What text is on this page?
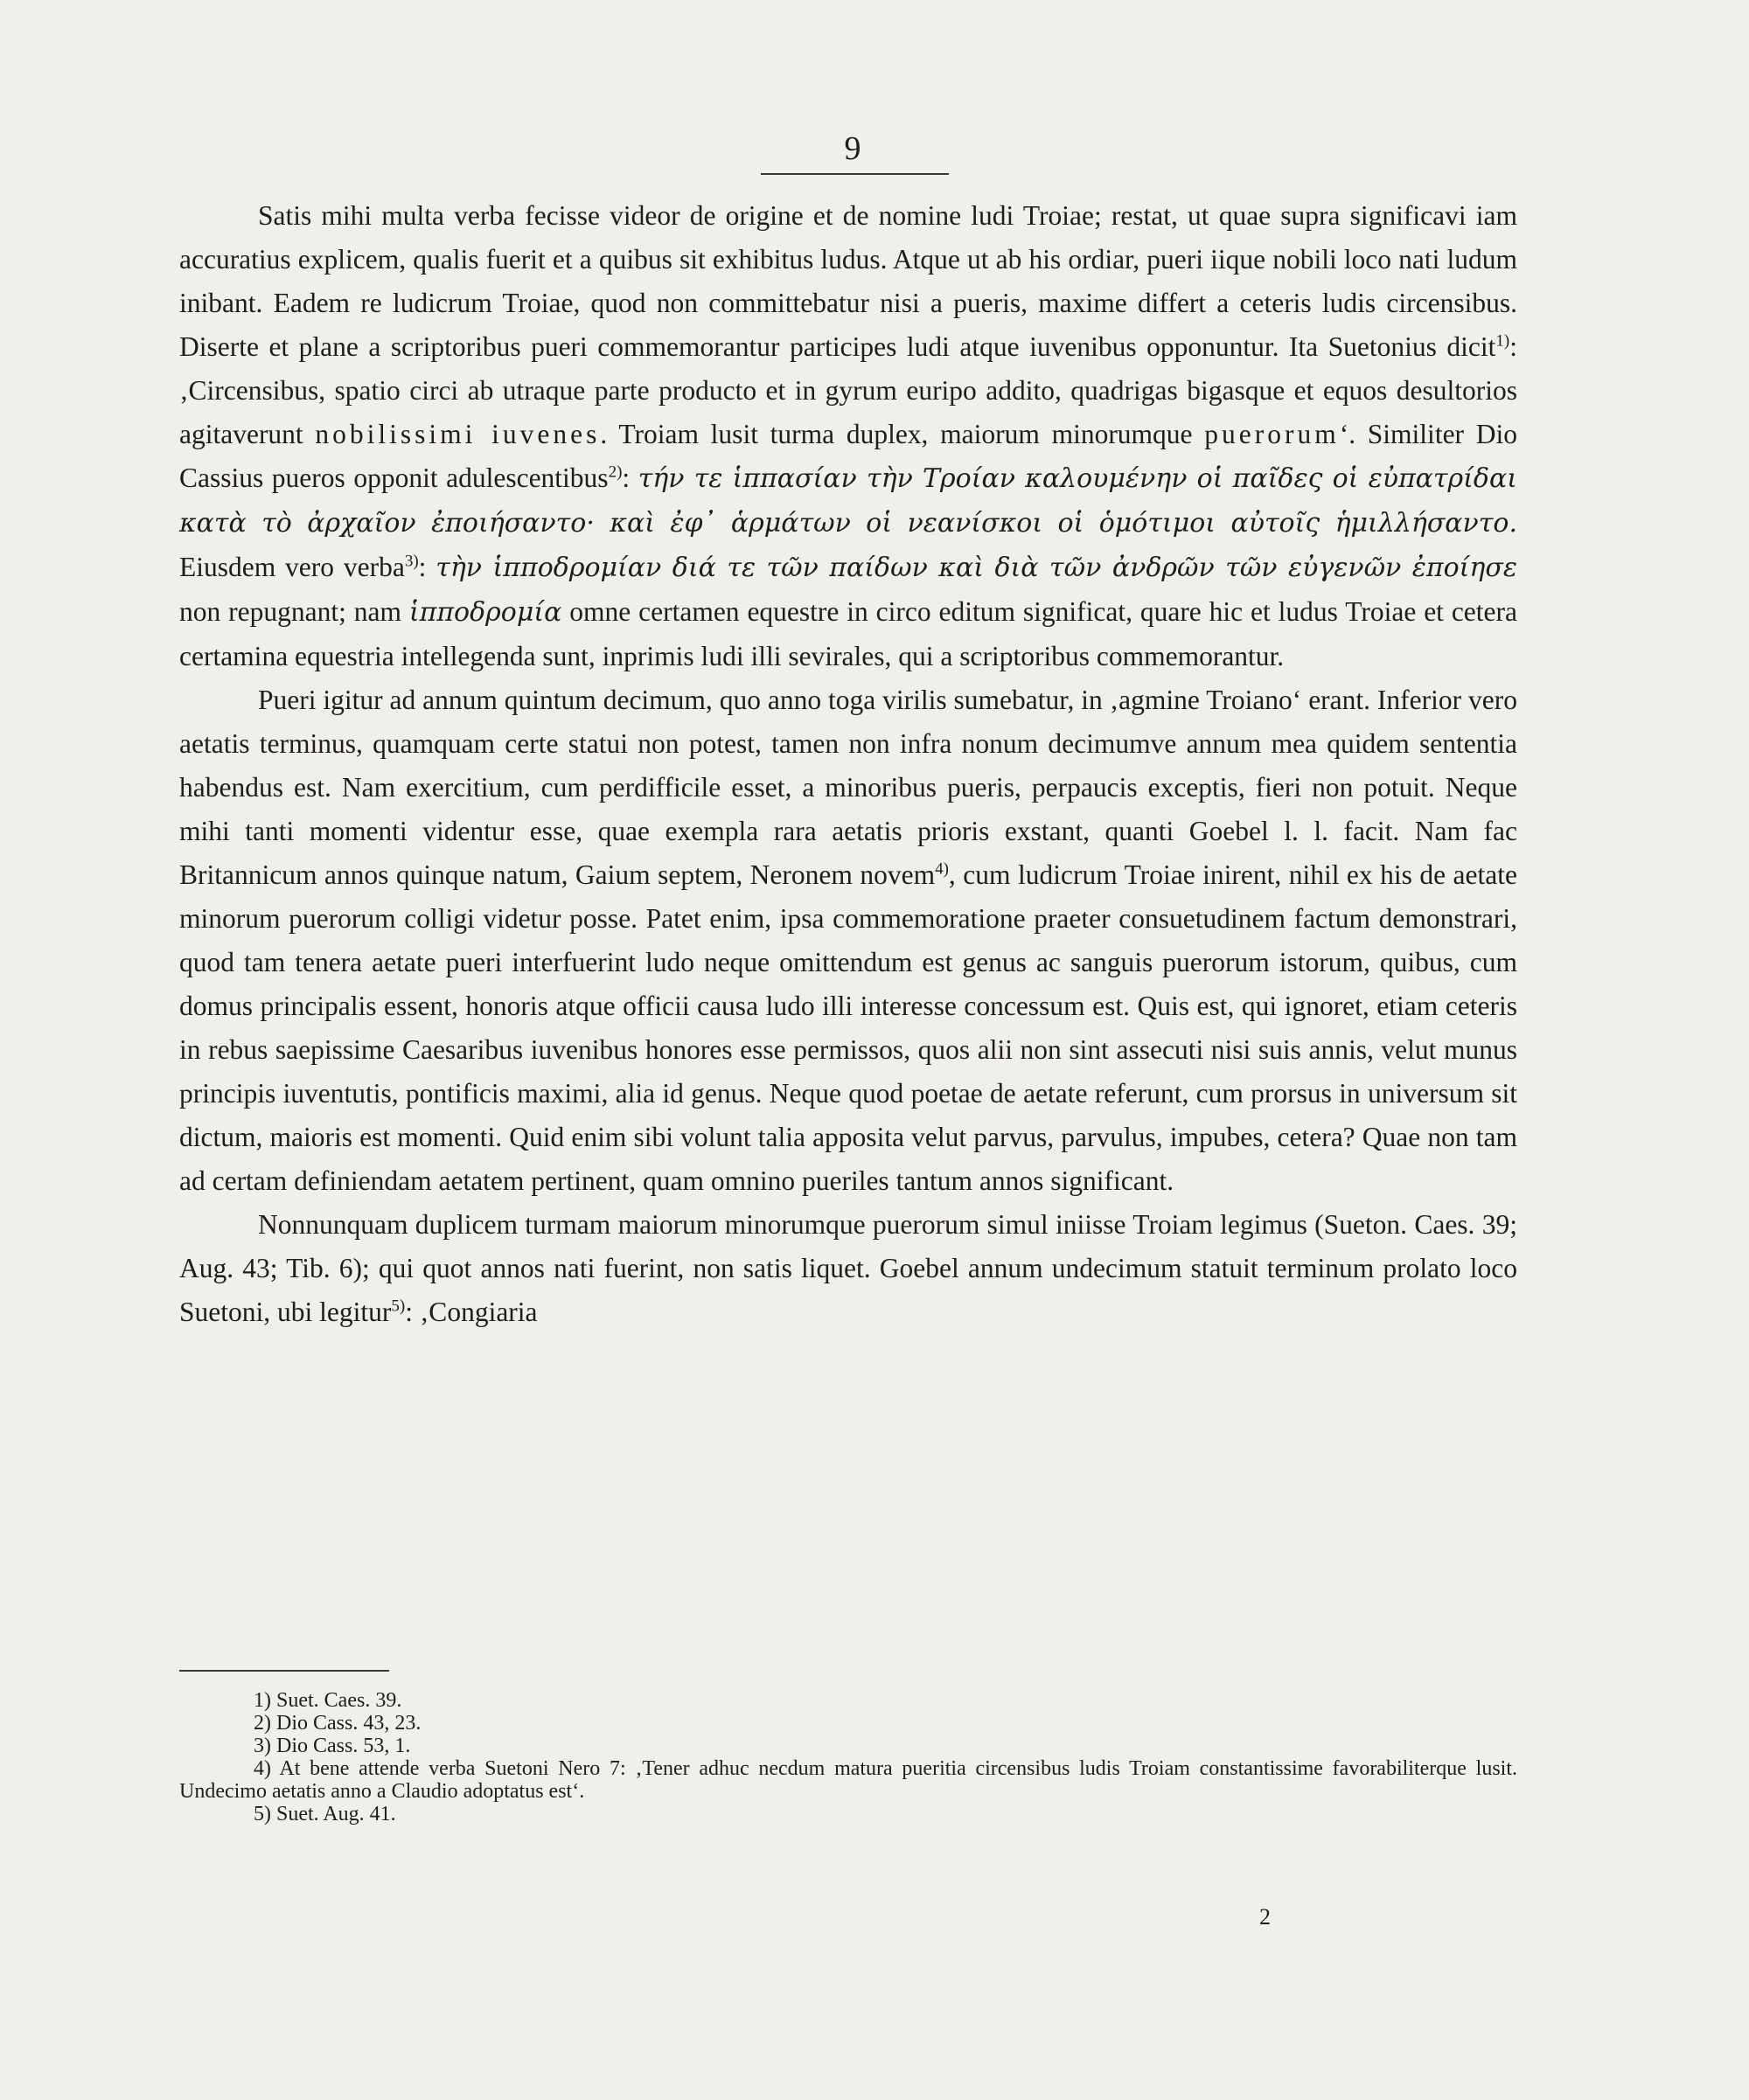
9

Satis mihi multa verba fecisse videor de origine et de nomine ludi Troiae; restat, ut quae supra significavi iam accuratius explicem, qualis fuerit et a quibus sit exhibitus ludus. Atque ut ab his ordiar, pueri iique nobili loco nati ludum inibant. Eadem re ludicrum Troiae, quod non committebatur nisi a pueris, maxime differt a ceteris ludis circensibus. Diserte et plane a scriptoribus pueri commemorantur participes ludi atque iuvenibus opponuntur. Ita Suetonius dicit$^{1)}$: ‚Circensibus, spatio circi ab utraque parte producto et in gyrum euripo addito, quadrigas bigasque et equos desultorios agitaverunt nobilissimi iuvenes. Troiam lusit turma duplex, maiorum minorumque puerorum‘. Similiter Dio Cassius pueros opponit adulescentibus$^{2)}$: τήν τε ἱππασίαν τὴν Τροίαν καλουμένην οἱ παῖδες οἱ εὐπατρίδαι κατὰ τὸ ἀρχαῖον ἐποιήσαντο· καὶ ἐφ᾽ ἁρμάτων οἱ νεανίσκοι οἱ ὁμότιμοι αὐτοῖς ἡμιλλήσαντο. Eiusdem vero verba$^{3)}$: τὴν ἱπποδρομίαν διά τε τῶν παίδων καὶ διὰ τῶν ἀνδρῶν τῶν εὐγενῶν ἐποίησε non repugnant; nam ἱπποδρομία omne certamen equestre in circo editum significat, quare hic et ludus Troiae et cetera certamina equestria intellegenda sunt, inprimis ludi illi sevirales, qui a scriptoribus commemorantur.

Pueri igitur ad annum quintum decimum, quo anno toga virilis sumebatur, in ‚agmine Troiano‘ erant. Inferior vero aetatis terminus, quamquam certe statui non potest, tamen non infra nonum decimumve annum mea quidem sententia habendus est. Nam exercitium, cum perdifficile esset, a minoribus pueris, perpaucis exceptis, fieri non potuit. Neque mihi tanti momenti videntur esse, quae exempla rara aetatis prioris exstant, quanti Goebel l. l. facit. Nam fac Britannicum annos quinque natum, Gaium septem, Neronem novem$^{4)}$, cum ludicrum Troiae inirent, nihil ex his de aetate minorum puerorum colligi videtur posse. Patet enim, ipsa commemoratione praeter consuetudinem factum demonstrari, quod tam tenera aetate pueri interfuerint ludo neque omittendum est genus ac sanguis puerorum istorum, quibus, cum domus principalis essent, honoris atque officii causa ludo illi interesse concessum est. Quis est, qui ignoret, etiam ceteris in rebus saepissime Caesaribus iuvenibus honores esse permissos, quos alii non sint assecuti nisi suis annis, velut munus principis iuventutis, pontificis maximi, alia id genus. Neque quod poetae de aetate referunt, cum prorsus in universum sit dictum, maioris est momenti. Quid enim sibi volunt talia apposita velut parvus, parvulus, impubes, cetera? Quae non tam ad certam definiendam aetatem pertinent, quam omnino pueriles tantum annos significant.

Nonnunquam duplicem turmam maiorum minorumque puerorum simul iniisse Troiam legimus (Sueton. Caes. 39; Aug. 43; Tib. 6); qui quot annos nati fuerint, non satis liquet. Goebel annum undecimum statuit terminum prolato loco Suetoni, ubi legitur$^{5)}$: ‚Congiaria

1) Suet. Caes. 39.
2) Dio Cass. 43, 23.
3) Dio Cass. 53, 1.
4) At bene attende verba Suetoni Nero 7: ‚Tener adhuc necdum matura pueritia circensibus ludis Troiam constantissime favorabiliterque lusit. Undecimo aetatis anno a Claudio adoptatus est‘.
5) Suet. Aug. 41.
2
